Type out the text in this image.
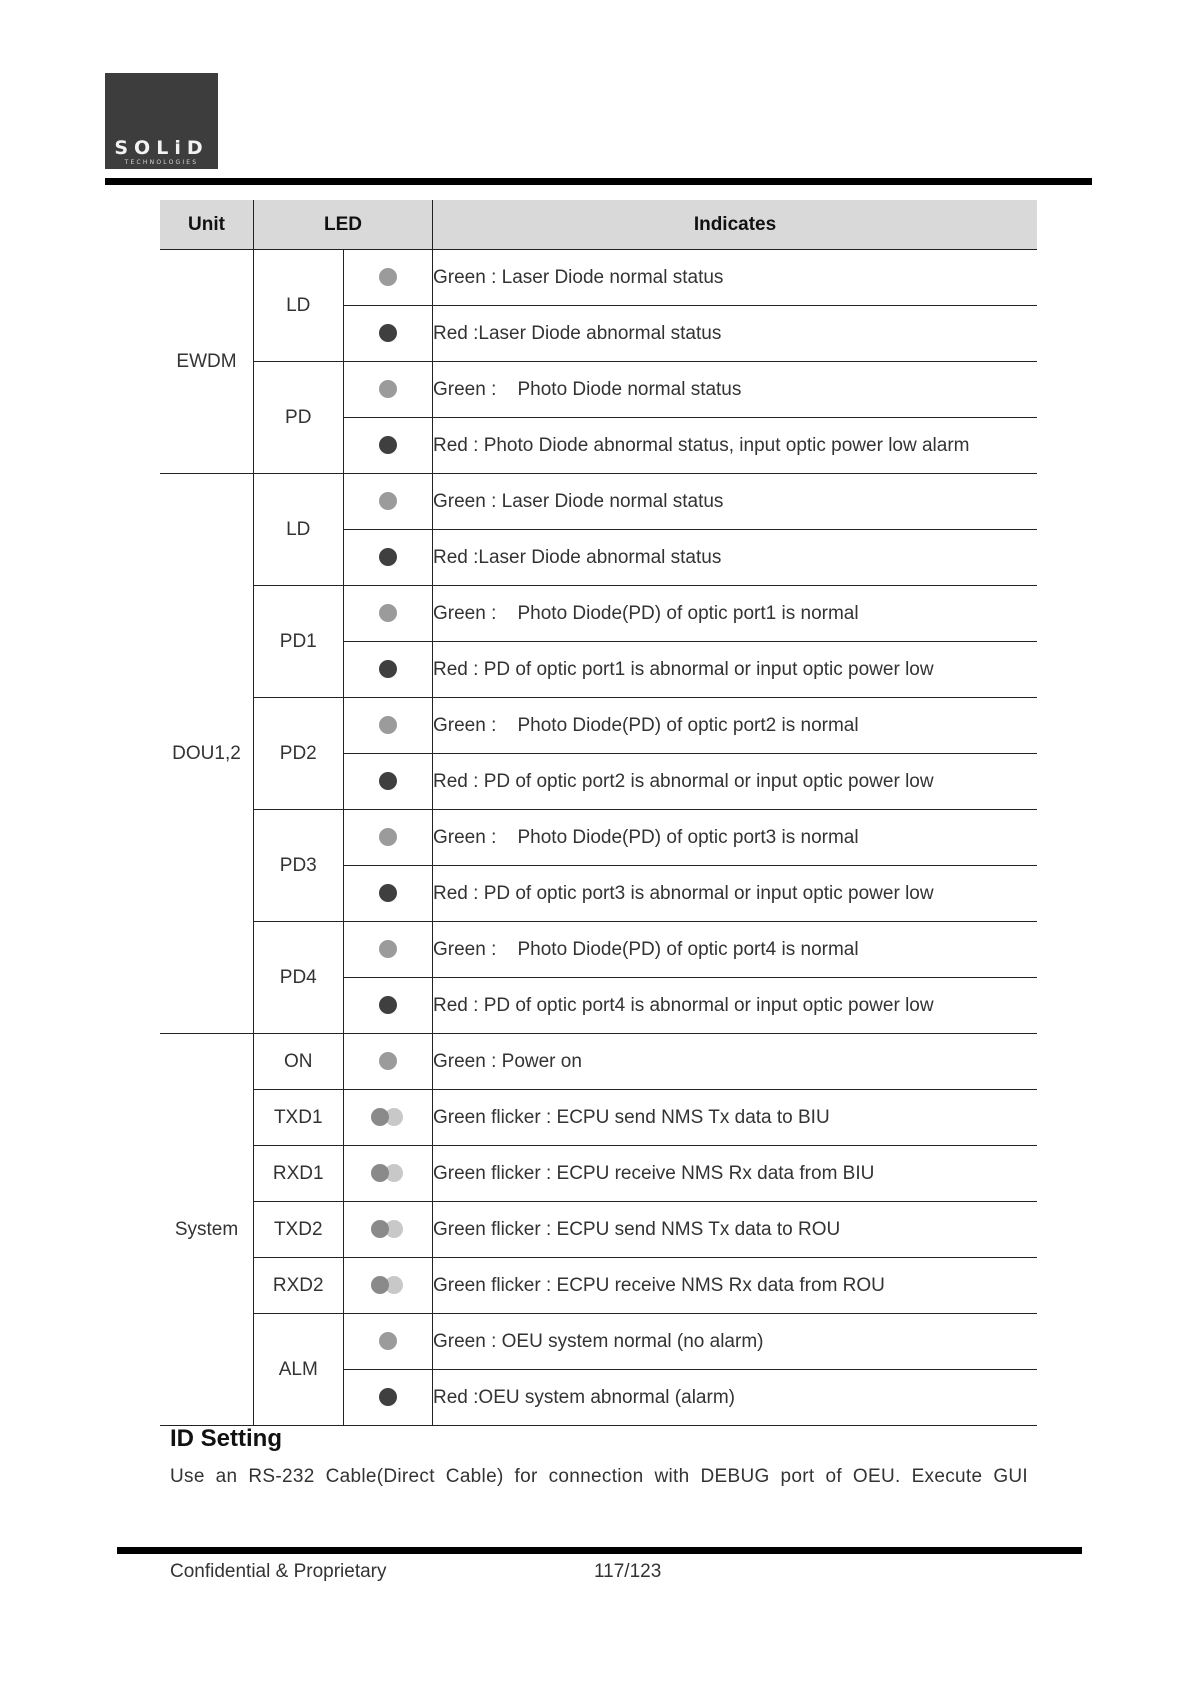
SOLiD
TECHNOLOGIES
Unit	LED		Indicates
EWDM	LD		Green : Laser Diode normal status
			Red :Laser Diode abnormal status
	PD		Green :    Photo Diode normal status
			Red : Photo Diode abnormal status, input optic power low alarm
DOU1,2	LD		Green : Laser Diode normal status
			Red :Laser Diode abnormal status
	PD1		Green :    Photo Diode(PD) of optic port1 is normal
			Red : PD of optic port1 is abnormal or input optic power low
	PD2		Green :    Photo Diode(PD) of optic port2 is normal
			Red : PD of optic port2 is abnormal or input optic power low
	PD3		Green :    Photo Diode(PD) of optic port3 is normal
			Red : PD of optic port3 is abnormal or input optic power low
	PD4		Green :    Photo Diode(PD) of optic port4 is normal
			Red : PD of optic port4 is abnormal or input optic power low
System	ON		Green : Power on
	TXD1		Green flicker : ECPU send NMS Tx data to BIU
	RXD1		Green flicker : ECPU receive NMS Rx data from BIU
	TXD2		Green flicker : ECPU send NMS Tx data to ROU
	RXD2		Green flicker : ECPU receive NMS Rx data from ROU
	ALM		Green : OEU system normal (no alarm)
			Red :OEU system abnormal (alarm)
ID Setting
Use an RS-232 Cable(Direct Cable) for connection with DEBUG port of OEU. Execute GUI
Confidential & Proprietary	117/123
